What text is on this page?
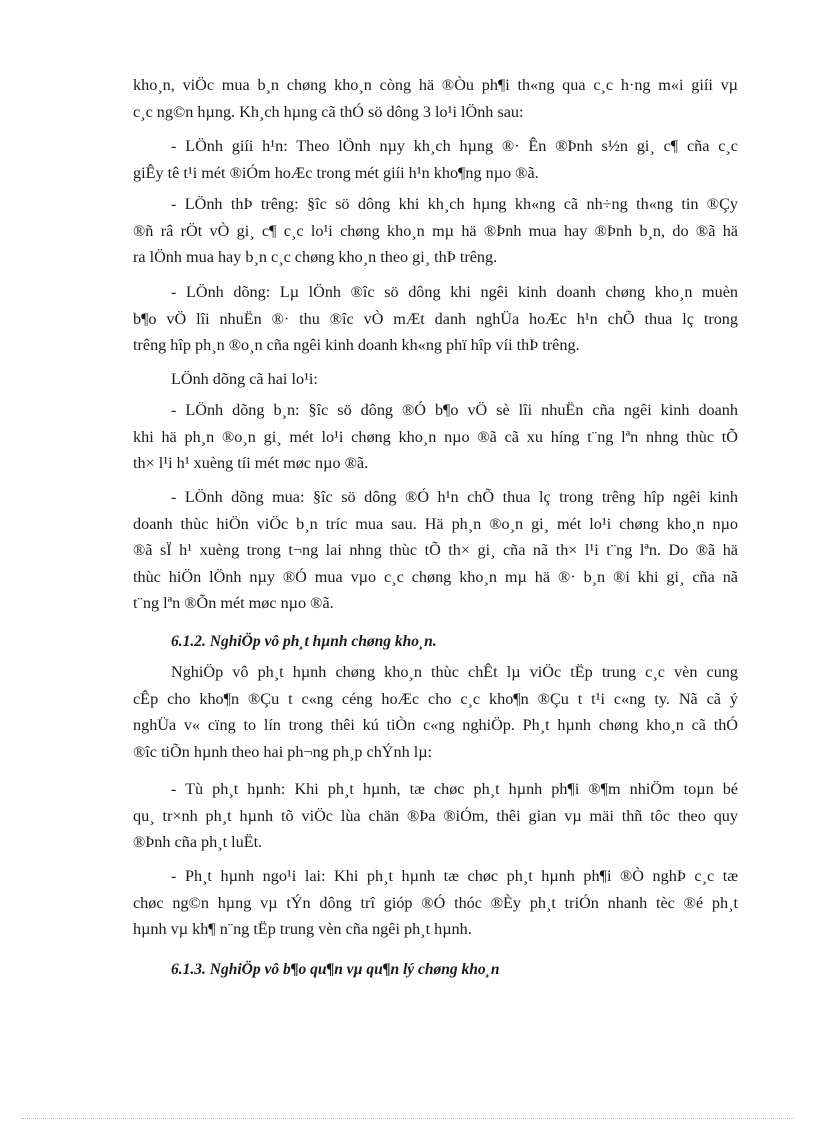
kho¸n, viÖc mua b¸n chøng kho¸n còng hä ®Òu ph¶i th«ng qua c¸c h·ng m«i giíi vµ
c¸c ng©n hµng. Kh¸ch hµng cã thÓ sö dông 3 lo¹i lÖnh sau:
- LÖnh giíi h¹n: Theo lÖnh nµy kh¸ch hµng ®· Ên ®Þnh s½n gi¸ c¶ cña c¸c
giÊy tê t¹i mét ®iÓm hoÆc trong mét giíi h¹n kho¶ng nµo ®ã.
- LÖnh thÞ trêng: §îc sö dông khi kh¸ch hµng kh«ng cã nh÷ng th«ng tin ®Çy
®ñ râ rÖt vÒ gi¸ c¶ c¸c lo¹i chøng kho¸n mµ hä ®Þnh mua hay ®Þnh b¸n, do ®ã hä
ra lÖnh mua hay b¸n c¸c chøng kho¸n theo gi¸ thÞ trêng.
- LÖnh dõng: Lµ lÖnh ®îc sö dông khi ngêi kinh doanh chøng kho¸n muèn
b¶o vÖ lîi nhuËn ®· thu ®îc vÒ mÆt danh nghÜa hoÆc h¹n chÕ thua lç trong
trêng hîp ph¸n ®o¸n cña ngêi kinh doanh kh«ng phï hîp víi thÞ trêng.
LÖnh dõng cã hai lo¹i:
- LÖnh dõng b¸n: §îc sö dông ®Ó b¶o vÖ sè lîi nhuËn cña ngêi kinh doanh
khi hä ph¸n ®o¸n gi¸ mét lo¹i chøng kho¸n nµo ®ã cã xu híng t¨ng lªn nhng thùc tÕ
th× l¹i h¹ xuèng tíi mét møc nµo ®ã.
- LÖnh dõng mua: §îc sö dông ®Ó h¹n chÕ thua lç trong trêng hîp ngêi kinh
doanh thùc hiÖn viÖc b¸n tríc mua sau. Hä ph¸n ®o¸n gi¸ mét lo¹i chøng kho¸n nµo
®ã sÏ h¹ xuèng trong t¬ng lai nhng thùc tÕ th× gi¸ cña nã th× l¹i t¨ng lªn. Do ®ã hä
thùc hiÖn lÖnh nµy ®Ó mua vµo c¸c chøng kho¸n mµ hä ®· b¸n ®i khi gi¸ cña nã
t¨ng lªn ®Õn mét møc nµo ®ã.
6.1.2. NghiÖp vô ph¸t hµnh chøng kho¸n.
NghiÖp vô ph¸t hµnh chøng kho¸n thùc chÊt lµ viÖc tËp trung c¸c vèn cung
cÊp cho kho¶n ®Çu t c«ng céng hoÆc cho c¸c kho¶n ®Çu t t¹i c«ng ty. Nã cã ý
nghÜa v« cïng to lín trong thêi kú tiÒn c«ng nghiÖp. Ph¸t hµnh chøng kho¸n cã thÓ
®îc tiÕn hµnh theo hai ph¬ng ph¸p chÝnh lµ:
- Tù ph¸t hµnh: Khi ph¸t hµnh, tæ chøc ph¸t hµnh ph¶i ®¶m nhiÖm toµn bé
qu¸ tr×nh ph¸t hµnh tõ viÖc lùa chän ®Þa ®iÓm, thêi gian vµ mäi thñ tôc theo quy
®Þnh cña ph¸t luËt.
- Ph¸t hµnh ngo¹i lai: Khi ph¸t hµnh tæ chøc ph¸t hµnh ph¶i ®Ò nghÞ c¸c tæ
chøc ng©n hµng vµ tÝn dông trî gióp ®Ó thóc ®Èy ph¸t triÓn nhanh tèc ®é ph¸t
hµnh vµ kh¶ n¨ng tËp trung vèn cña ngêi ph¸t hµnh.
6.1.3. NghiÖp vô b¶o qu¶n vµ qu¶n lý chøng kho¸n
